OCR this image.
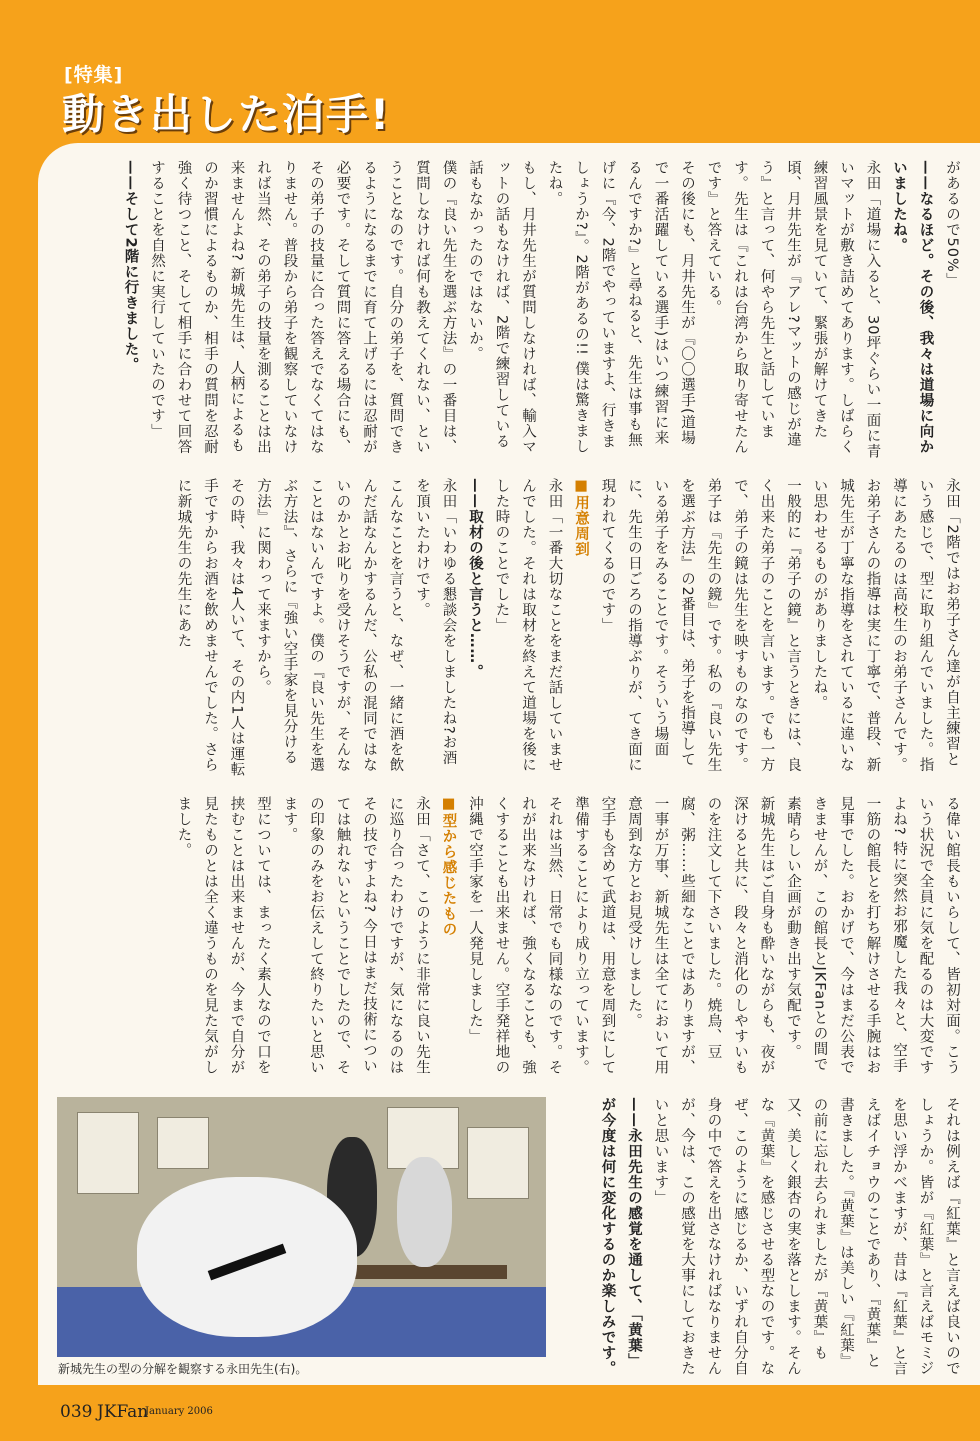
[特集]
動き出した泊手!

があるので50%」

——なるほど。その後、我々は道場に向かいましたね。

永田「道場に入ると、30坪ぐらい一面に青いマットが敷き詰めてあります。しばらく練習風景を見ていて、緊張が解けてきた頃、月井先生が『アレ?マットの感じが違う』と言って、何やら先生と話しています。先生は『これは台湾から取り寄せたんです』と答えている。

その後にも、月井先生が『〇〇選手(道場で一番活躍している選手)はいつ練習に来るんですか?』と尋ねると、先生は事も無げに『今、2階でやっていますよ、行きましょうか?』。2階があるの!! 僕は驚きましたね。

もし、月井先生が質問しなければ、輸入マットの話もなければ、2階で練習している話もなかったのではないか。

僕の『良い先生を選ぶ方法』の一番目は、質問しなければ何も教えてくれない、ということなのです。自分の弟子を、質問できるようになるまでに育て上げるには忍耐が必要です。そして質問に答える場合にも、その弟子の技量に合った答えでなくてはなりません。普段から弟子を観察していなければ当然、その弟子の技量を測ることは出来ませんよね? 新城先生は、人柄によるものか習慣によるものか、相手の質問を忍耐強く待つこと、そして相手に合わせて回答することを自然に実行していたのです」

——そして2階に行きました。

永田「2階ではお弟子さん達が自主練習という感じで、型に取り組んでいました。指導にあたるのは高校生のお弟子さんです。お弟子さんの指導は実に丁寧で、普段、新城先生が丁寧な指導をされているに違いない思わせるものがありましたね。

一般的に『弟子の鏡』と言うときには、良く出来た弟子のことを言います。でも一方で、弟子の鏡は先生を映すものなのです。弟子は『先生の鏡』です。私の『良い先生を選ぶ方法』の2番目は、弟子を指導している弟子をみることです。そういう場面に、先生の日ごろの指導ぶりが、てき面に現われてくるのです」

■用意周到

永田「一番大切なことをまだ話していませんでした。それは取材を終えて道場を後にした時のことでした」

——取材の後と言うと……。

永田「いわゆる懇談会をしましたね?お酒を頂いたわけです。

こんなことを言うと、なぜ、一緒に酒を飲んだ話なんかするんだ、公私の混同ではないのかとお叱りを受けそうですが、そんなことはないんですよ。僕の『良い先生を選ぶ方法』、さらに『強い空手家を見分ける方法』に関わって来ますから。

その時、我々は4人いて、その内1人は運転手ですからお酒を飲めませんでした。さらに新城先生の先生にあた

る偉い館長もいらして、皆初対面。こういう状況で全員に気を配るのは大変ですよね? 特に突然お邪魔した我々と、空手一筋の館長とを打ち解けさせる手腕はお見事でした。おかげで、今はまだ公表できませんが、この館長とJKFanとの間で素晴らしい企画が動き出す気配です。

新城先生はご自身も酔いながらも、夜が深けると共に、段々と消化のしやすいものを注文して下さいました。焼鳥、豆腐、粥……些細なことではありますが、一事が万事、新城先生は全てにおいて用意周到な方とお見受けしました。

空手も含めて武道は、用意を周到にして準備することにより成り立っています。それは当然、日常でも同様なのです。それが出来なければ、強くなることも、強くすることも出来ません。空手発祥地の沖縄で空手家を一人発見しました」

■型から感じたもの

永田「さて、このように非常に良い先生に巡り合ったわけですが、気になるのはその技ですよね? 今日はまだ技術については触れないということでしたので、その印象のみをお伝えして終りたいと思います。

型については、まったく素人なので口を挟むことは出来ませんが、今まで自分が見たものとは全く違うものを見た気がしました。

それは例えば『紅葉』と言えば良いのでしょうか。皆が『紅葉』と言えばモミジを思い浮かべますが、昔は『紅葉』と言えばイチョウのことであり、『黄葉』と書きました。『黄葉』は美しい『紅葉』の前に忘れ去られましたが『黄葉』も又、美しく銀杏の実を落とします。そんな『黄葉』を感じさせる型なのです。なぜ、このように感じるか、いずれ自分自身の中で答えを出さなければなりませんが、今は、この感覚を大事にしておきたいと思います」

——永田先生の感覚を通して、「黄葉」が今度は何に変化するのか楽しみです。

新城先生の型の分解を観察する永田先生(右)。
039 JKFan
January 2006
